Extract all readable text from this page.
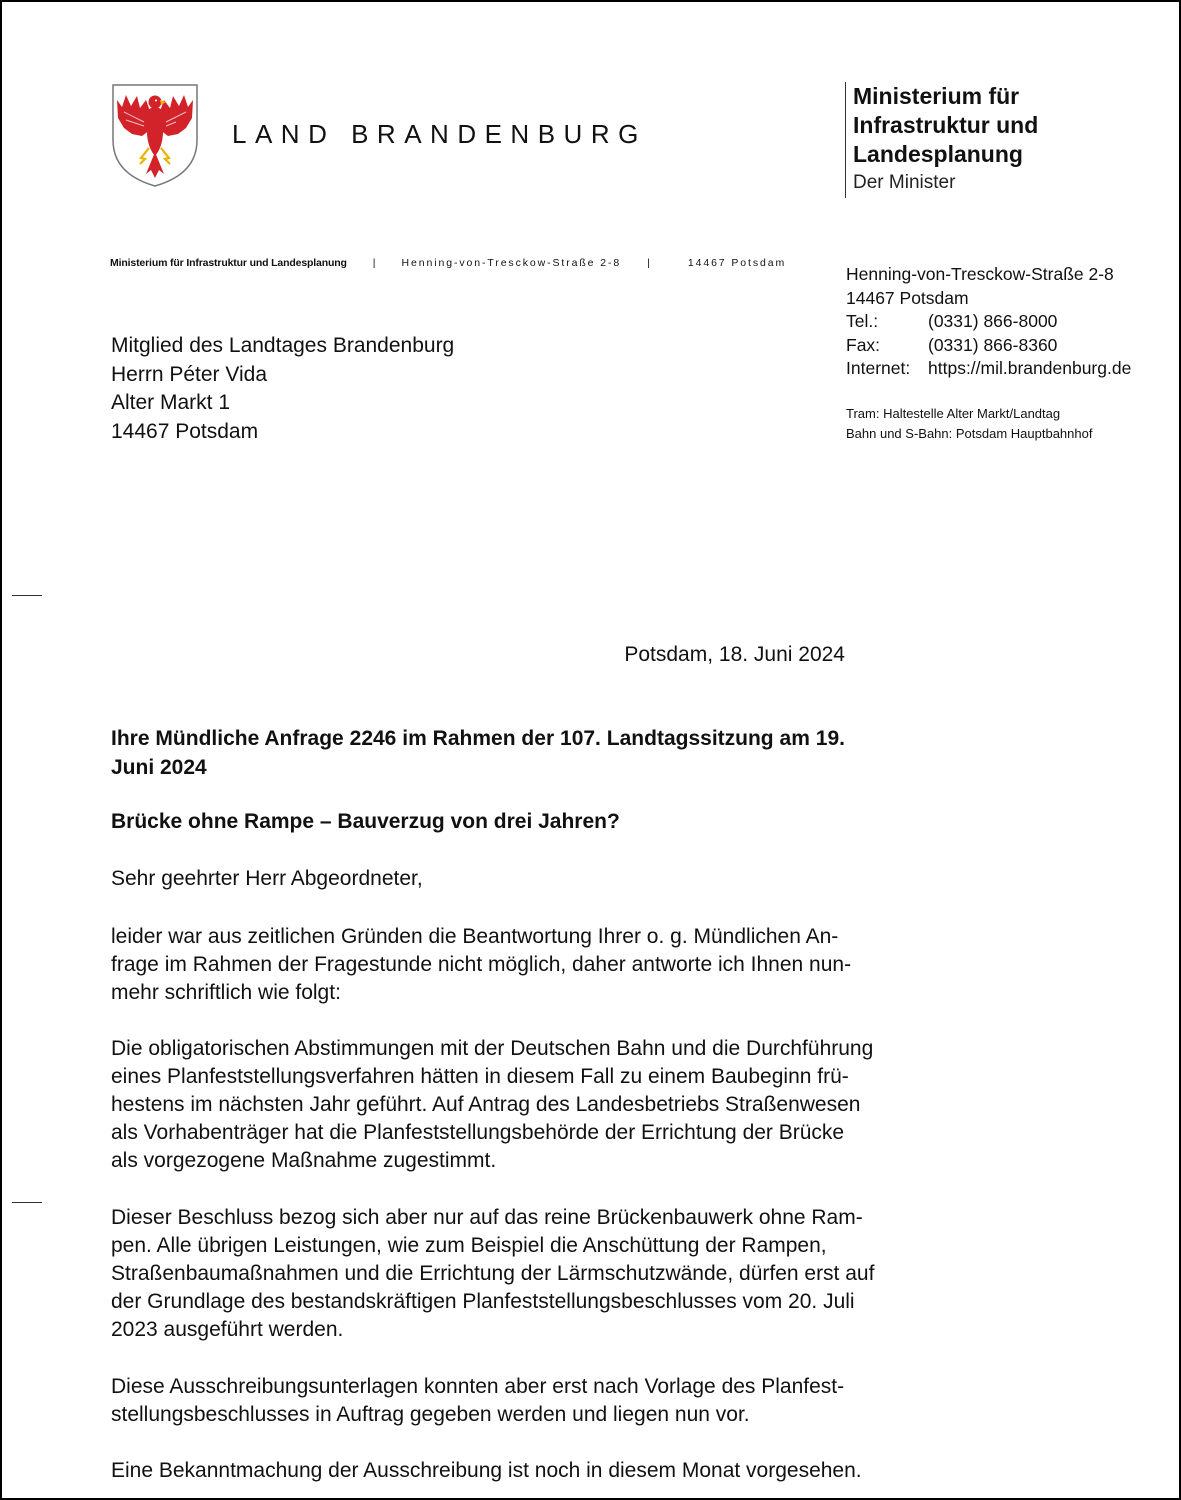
LAND BRANDENBURG
Ministerium für Infrastruktur und Landesplanung
Der Minister
Ministerium für Infrastruktur und Landesplanung | Henning-von-Tresckow-Straße 2-8 |	14467 Potsdam
Henning-von-Tresckow-Straße 2-8
14467 Potsdam
Tel.:	(0331) 866-8000
Fax:	(0331) 866-8360
Internet:	https://mil.brandenburg.de
Tram: Haltestelle Alter Markt/Landtag
Bahn und S-Bahn: Potsdam Hauptbahnhof
Mitglied des Landtages Brandenburg
Herrn Péter Vida
Alter Markt 1
14467 Potsdam
Potsdam, 18. Juni 2024
Ihre Mündliche Anfrage 2246 im Rahmen der 107. Landtagssitzung am 19. Juni 2024
Brücke ohne Rampe – Bauverzug von drei Jahren?
Sehr geehrter Herr Abgeordneter,
leider war aus zeitlichen Gründen die Beantwortung Ihrer o. g. Mündlichen An-
frage im Rahmen der Fragestunde nicht möglich, daher antworte ich Ihnen nun-
mehr schriftlich wie folgt:
Die obligatorischen Abstimmungen mit der Deutschen Bahn und die Durchführung
eines Planfeststellungsverfahren hätten in diesem Fall zu einem Baubeginn frü-
hestens im nächsten Jahr geführt. Auf Antrag des Landesbetriebs Straßenwesen
als Vorhabenträger hat die Planfeststellungsbehörde der Errichtung der Brücke
als vorgezogene Maßnahme zugestimmt.
Dieser Beschluss bezog sich aber nur auf das reine Brückenbauwerk ohne Ram-
pen. Alle übrigen Leistungen, wie zum Beispiel die Anschüttung der Rampen,
Straßenbaumaßnahmen und die Errichtung der Lärmschutzwände, dürfen erst auf
der Grundlage des bestandskräftigen Planfeststellungsbeschlusses vom 20. Juli
2023 ausgeführt werden.
Diese Ausschreibungsunterlagen konnten aber erst nach Vorlage des Planfest-
stellungsbeschlusses in Auftrag gegeben werden und liegen nun vor.
Eine Bekanntmachung der Ausschreibung ist noch in diesem Monat vorgesehen.
